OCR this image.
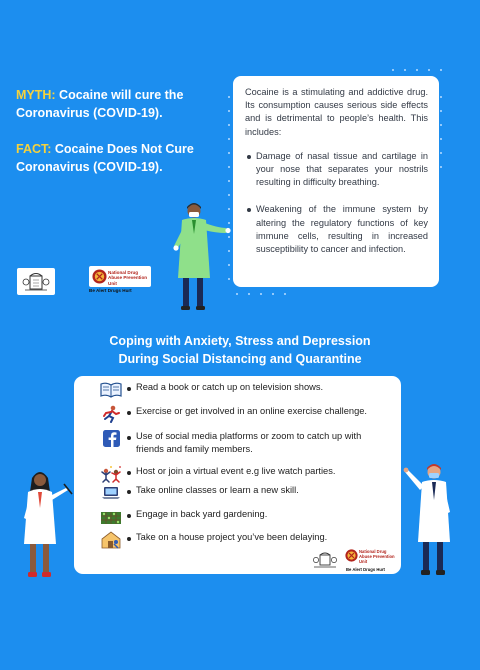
MYTH: Cocaine will cure the Coronavirus (COVID-19).
FACT: Cocaine Does Not Cure Coronavirus (COVID-19).

Cocaine is a stimulating and addictive drug. Its consumption causes serious side effects and is detrimental to people’s health. This includes:

Damage of nasal tissue and cartilage in your nose that separates your nostrils resulting in difficulty breathing.
Weakening of the immune system by altering the regulatory functions of key immune cells, resulting in increased susceptibility to cancer and infection.
National Drug Abuse Prevention Unit
Be Alert Drugs Hurt
Coping with Anxiety, Stress and Depression
During Social Distancing and Quarantine
Read a book or catch up on television shows.
Exercise or get involved in an online exercise challenge.
Use of social media platforms or zoom to catch up with friends and family members.
Host or join a virtual event e.g live watch parties.
Take online classes or learn a new skill.
Engage in back yard gardening.
Take on a house project you’ve been delaying.
National Drug Abuse Prevention Unit
Be Alert Drugs Hurt
